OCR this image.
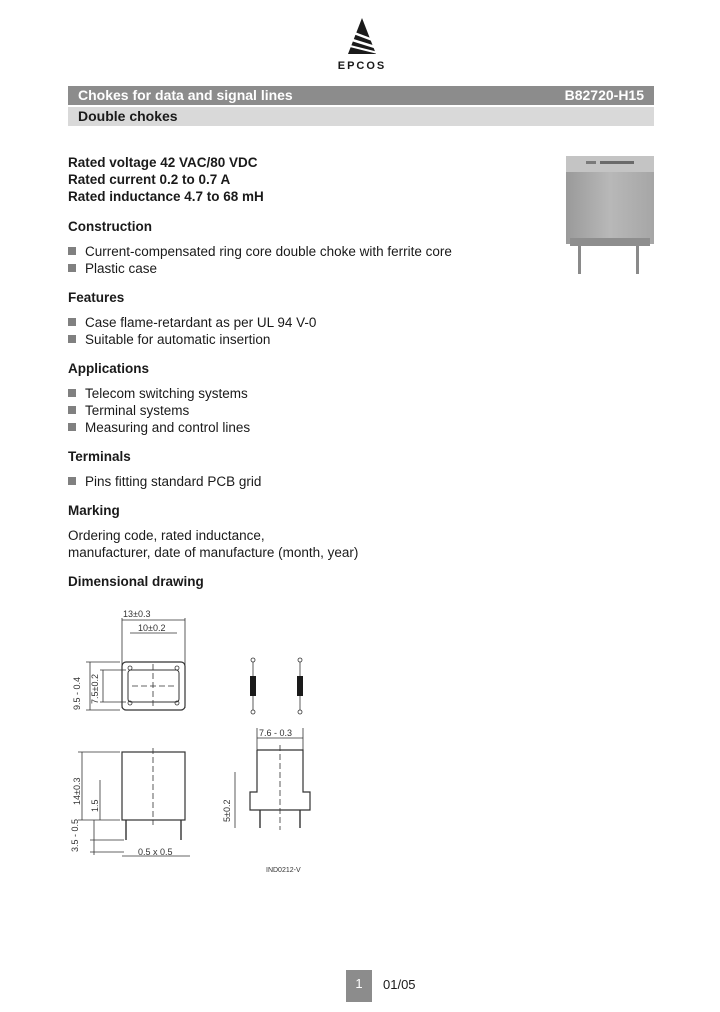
EPCOS
Chokes for data and signal lines	B82720-H15
Double chokes
Rated voltage 42 VAC/80 VDC
Rated current 0.2 to 0.7 A
Rated inductance 4.7 to 68 mH
Construction
Current-compensated ring core double choke with ferrite core
Plastic case
Features
Case flame-retardant as per UL 94 V-0
Suitable for automatic insertion
Applications
Telecom switching systems
Terminal systems
Measuring and control lines
Terminals
Pins fitting standard PCB grid
Marking
Ordering code, rated inductance,
manufacturer, date of manufacture (month, year)
Dimensional drawing
13±0.3
10±0.2
9.5 - 0.4 7.5±0.2
14±0.3
1.5
3.5 - 0.5	0.5 x 0.5
7.6 - 0.3
5±0.2
IND0212-V
1	01/05
